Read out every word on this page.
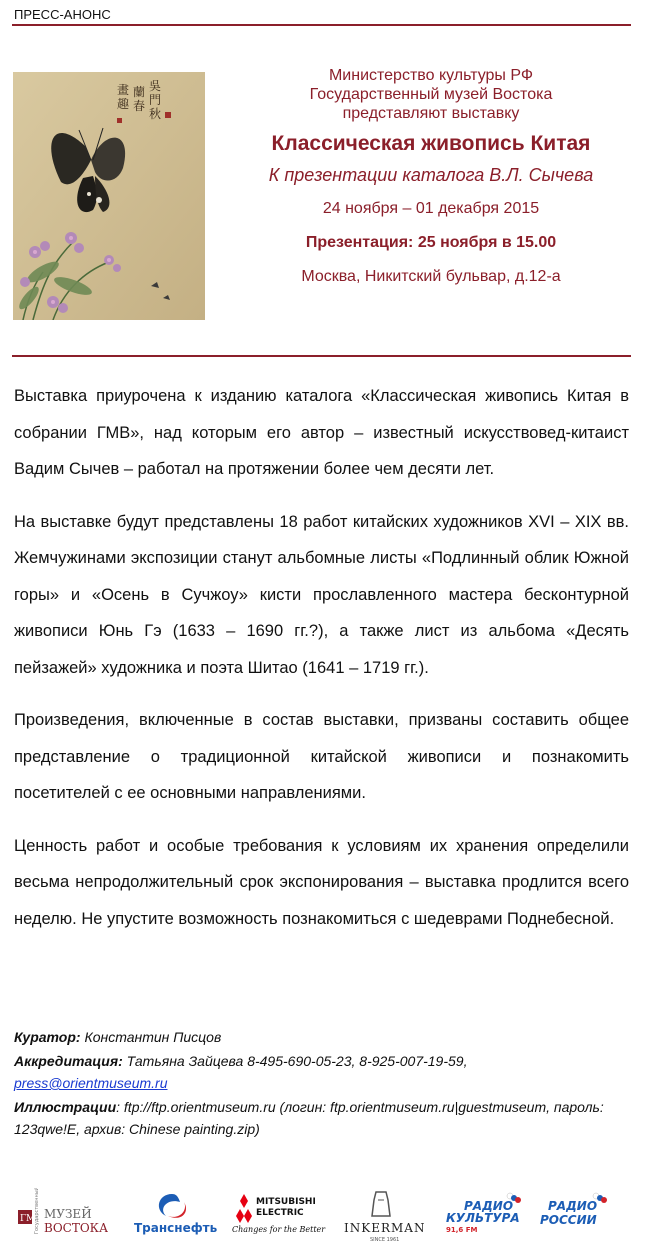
ПРЕСС-АНОНС
吳
門
秋
蘭
春
畫
趣
Министерство культуры РФ
Государственный музей Востока
представляют выставку
Классическая живопись Китая
К презентации каталога В.Л. Сычева
24 ноября – 01 декабря 2015
Презентация: 25 ноября в 15.00
Москва, Никитский бульвар, д.12-а

Выставка приурочена к изданию каталога «Классическая живопись Китая в собрании ГМВ», над которым его автор – известный искусствовед-китаист Вадим Сычев – работал на протяжении более чем десяти лет.

На выставке будут представлены 18 работ китайских художников XVI – XIX вв. Жемчужинами экспозиции станут альбомные листы «Подлинный облик Южной горы» и «Осень в Сучжоу» кисти прославленного мастера бесконтурной живописи Юнь Гэ (1633 – 1690 гг.?), а также лист из альбома «Десять пейзажей» художника и поэта Шитао (1641 – 1719 гг.).

Произведения, включенные в состав выставки, призваны составить общее представление о традиционной китайской живописи и познакомить посетителей с ее основными направлениями.

Ценность работ и особые требования к условиям их хранения определили весьма непродолжительный срок экспонирования – выставка продлится всего неделю. Не упустите возможность познакомиться с шедеврами Поднебесной.

Куратор: Константин Писцов
Аккредитация: Татьяна Зайцева 8-495-690-05-23, 8-925-007-19-59,
press@orientmuseum.ru
Иллюстрации: ftp://ftp.orientmuseum.ru (логин: ftp.orientmuseum.ru|guestmuseum, пароль: 123qwe!E, архив: Chinese painting.zip)
ГМ
Государственный МУЗЕЙ
ВОСТОКА Транснефть
MITSUBISHI
ELECTRIC
Changes for the Better INKERMAN
SINCE 1961
РАДИО
КУЛЬТУРА
91,6 FM
РАДИО
РОССИИ
